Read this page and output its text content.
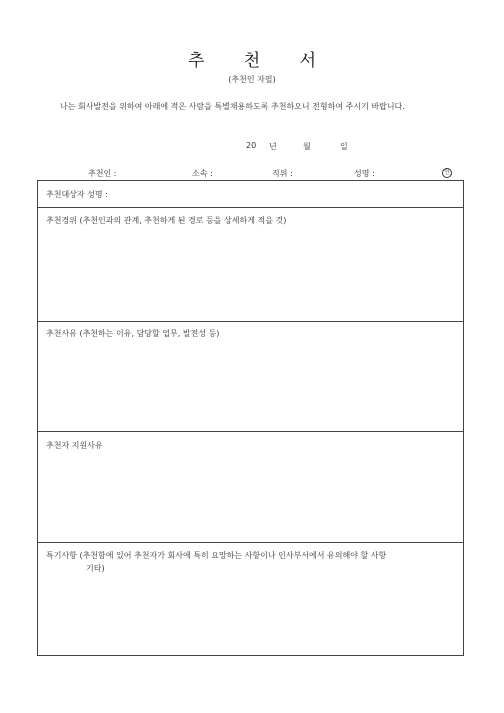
추 천 서
(추천인 자필)
나는 회사발전을 위하여 아래에 적은 사람을 특별채용하도록 추천하오니 전형하여 주시기 바랍니다.
20	년	월	일
추천인 :	소속 :	직위 :	성명 :	인
추천대상자 성명 :
추천경위 (추천인과의 관계, 추천하게 된 경로 등을 상세하게 적을 것)
추천사유 (추천하는 이유, 담당할 업무, 발전성 등)
추천자 지원사유
특기사항 (추천함에 있어 추천자가 회사에 특히 요망하는 사항이나 인사부서에서 유의해야 할 사항
기타)
